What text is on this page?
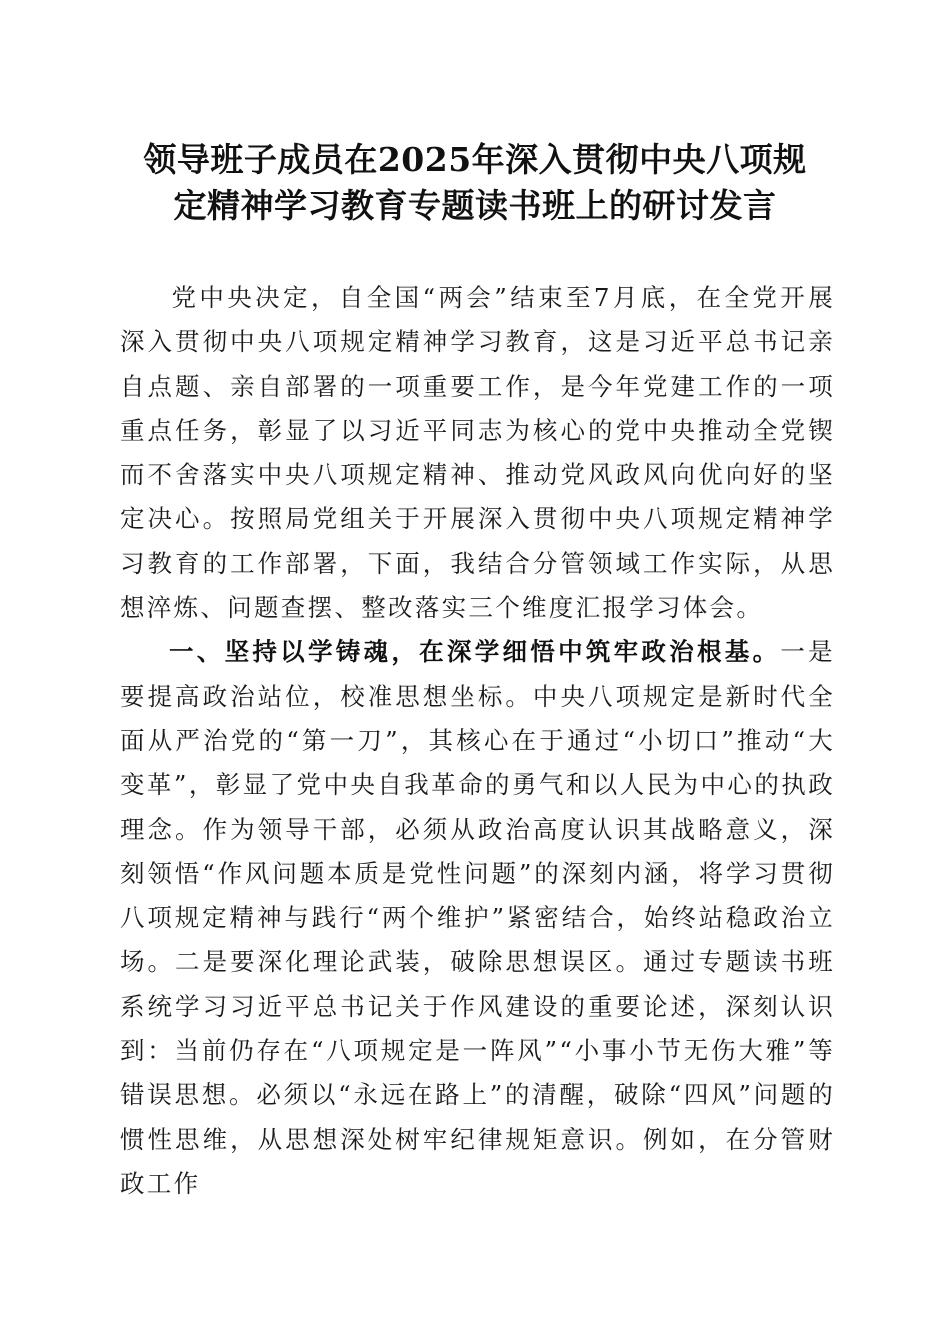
领导班子成员在2025年深入贯彻中央八项规
定精神学习教育专题读书班上的研讨发言

党中央决定，自全国“两会”结束至7月底，在全党开展深入贯彻中央八项规定精神学习教育，这是习近平总书记亲自点题、亲自部署的一项重要工作，是今年党建工作的一项重点任务，彰显了以习近平同志为核心的党中央推动全党锲而不舍落实中央八项规定精神、推动党风政风向优向好的坚定决心。按照局党组关于开展深入贯彻中央八项规定精神学习教育的工作部署，下面，我结合分管领域工作实际，从思想淬炼、问题查摆、整改落实三个维度汇报学习体会。

一、坚持以学铸魂，在深学细悟中筑牢政治根基。一是要提高政治站位，校准思想坐标。中央八项规定是新时代全面从严治党的“第一刀”，其核心在于通过“小切口”推动“大变革”，彰显了党中央自我革命的勇气和以人民为中心的执政理念。作为领导干部，必须从政治高度认识其战略意义，深刻领悟“作风问题本质是党性问题”的深刻内涵，将学习贯彻八项规定精神与践行“两个维护”紧密结合，始终站稳政治立场。二是要深化理论武装，破除思想误区。通过专题读书班系统学习习近平总书记关于作风建设的重要论述，深刻认识到：当前仍存在“八项规定是一阵风”“小事小节无伤大雅”等错误思想。必须以“永远在路上”的清醒，破除“四风”问题的惯性思维，从思想深处树牢纪律规矩意识。例如，在分管财政工作
